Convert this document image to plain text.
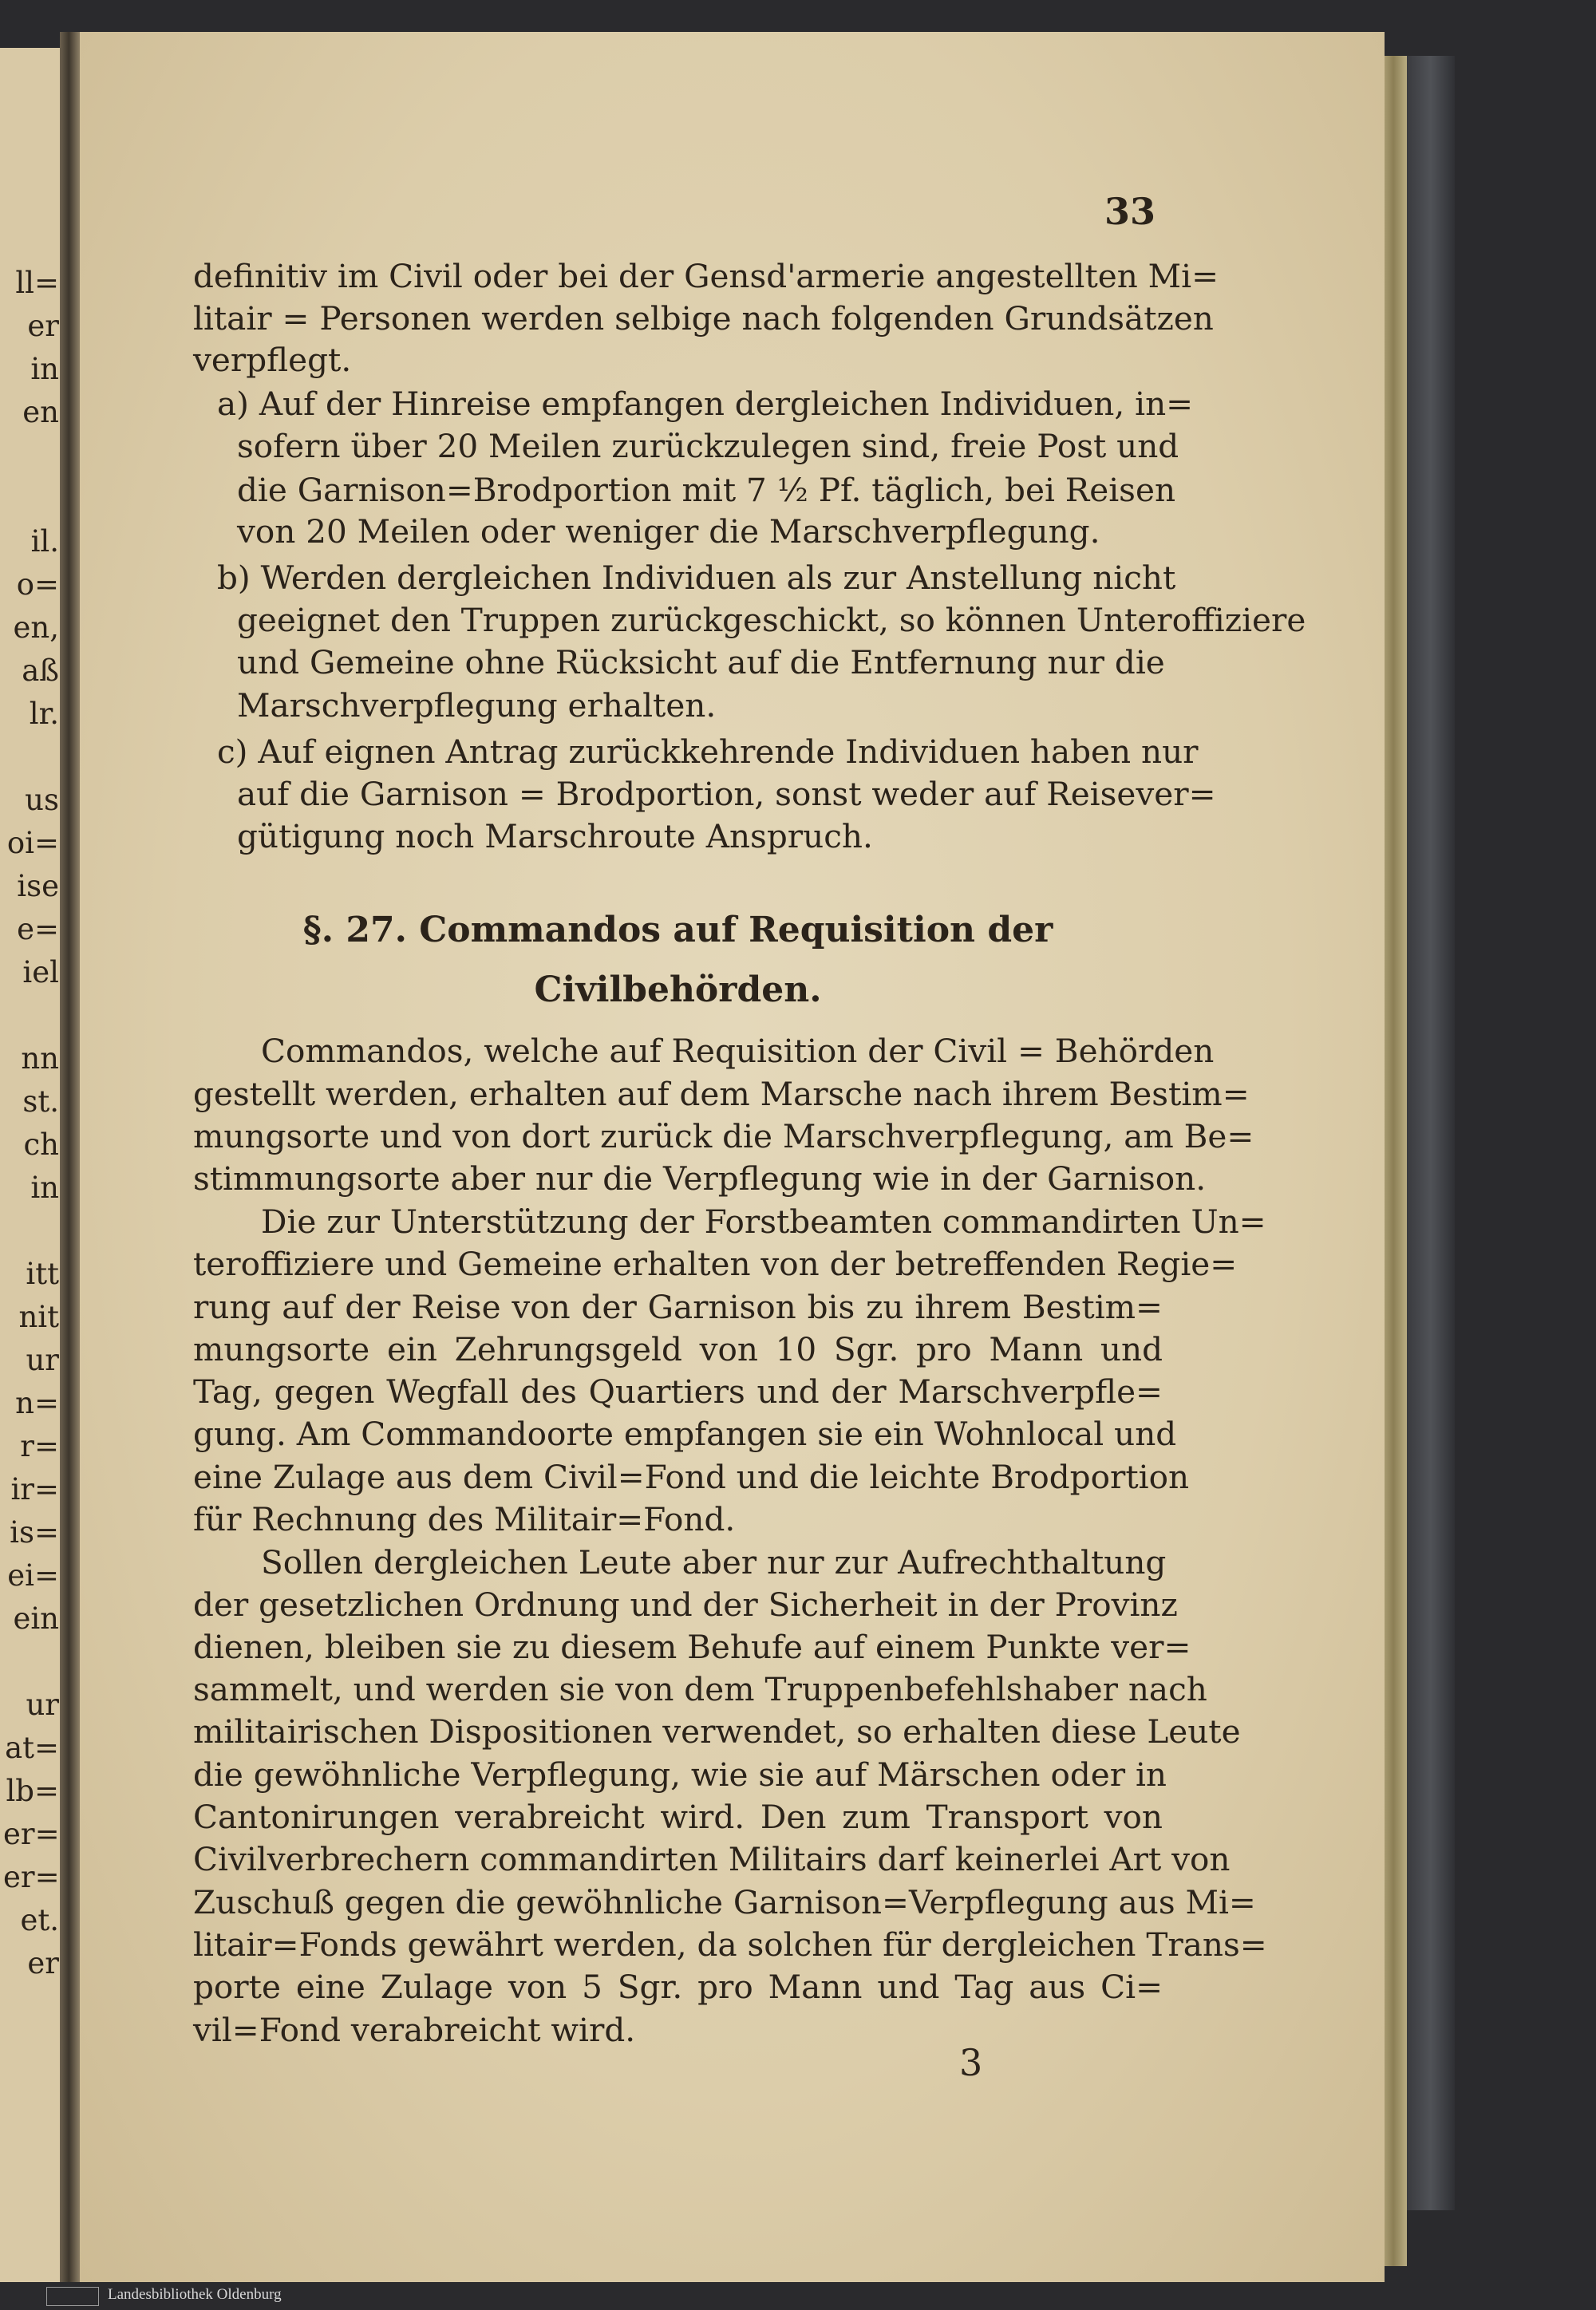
ll=
er
in
en
il.
o=
en,
aß
lr.
us
oi=
ise
e=
iel
nn
st.
ch
in
itt
nit
ur
n=
r=
ir=
is=
ei=
ein
ur
at=
lb=
er=
er=
et.
er
33
definitiv im Civil oder bei der Gensd'armerie angestellten Mi=
litair = Personen werden selbige nach folgenden Grundsätzen
verpflegt.
a) Auf der Hinreise empfangen dergleichen Individuen, in=
sofern über 20 Meilen zurückzulegen sind, freie Post und
die Garnison=Brodportion mit 7 ½ Pf. täglich, bei Reisen
von 20 Meilen oder weniger die Marschverpflegung.
b) Werden dergleichen Individuen als zur Anstellung nicht
geeignet den Truppen zurückgeschickt, so können Unteroffiziere
und Gemeine ohne Rücksicht auf die Entfernung nur die
Marschverpflegung erhalten.
c) Auf eignen Antrag zurückkehrende Individuen haben nur
auf die Garnison = Brodportion, sonst weder auf Reisever=
gütigung noch Marschroute Anspruch.
§. 27. Commandos auf Requisition der
Civilbehörden.
Commandos, welche auf Requisition der Civil = Behörden
gestellt werden, erhalten auf dem Marsche nach ihrem Bestim=
mungsorte und von dort zurück die Marschverpflegung, am Be=
stimmungsorte aber nur die Verpflegung wie in der Garnison.
Die zur Unterstützung der Forstbeamten commandirten Un=
teroffiziere und Gemeine erhalten von der betreffenden Regie=
rung auf der Reise von der Garnison bis zu ihrem Bestim=
mungsorte ein Zehrungsgeld von 10 Sgr. pro Mann und
Tag, gegen Wegfall des Quartiers und der Marschverpfle=
gung. Am Commandoorte empfangen sie ein Wohnlocal und
eine Zulage aus dem Civil=Fond und die leichte Brodportion
für Rechnung des Militair=Fond.
Sollen dergleichen Leute aber nur zur Aufrechthaltung
der gesetzlichen Ordnung und der Sicherheit in der Provinz
dienen, bleiben sie zu diesem Behufe auf einem Punkte ver=
sammelt, und werden sie von dem Truppenbefehlshaber nach
militairischen Dispositionen verwendet, so erhalten diese Leute
die gewöhnliche Verpflegung, wie sie auf Märschen oder in
Cantonirungen verabreicht wird. Den zum Transport von
Civilverbrechern commandirten Militairs darf keinerlei Art von
Zuschuß gegen die gewöhnliche Garnison=Verpflegung aus Mi=
litair=Fonds gewährt werden, da solchen für dergleichen Trans=
porte eine Zulage von 5 Sgr. pro Mann und Tag aus Ci=
vil=Fond verabreicht wird.
3
Landesbibliothek Oldenburg
